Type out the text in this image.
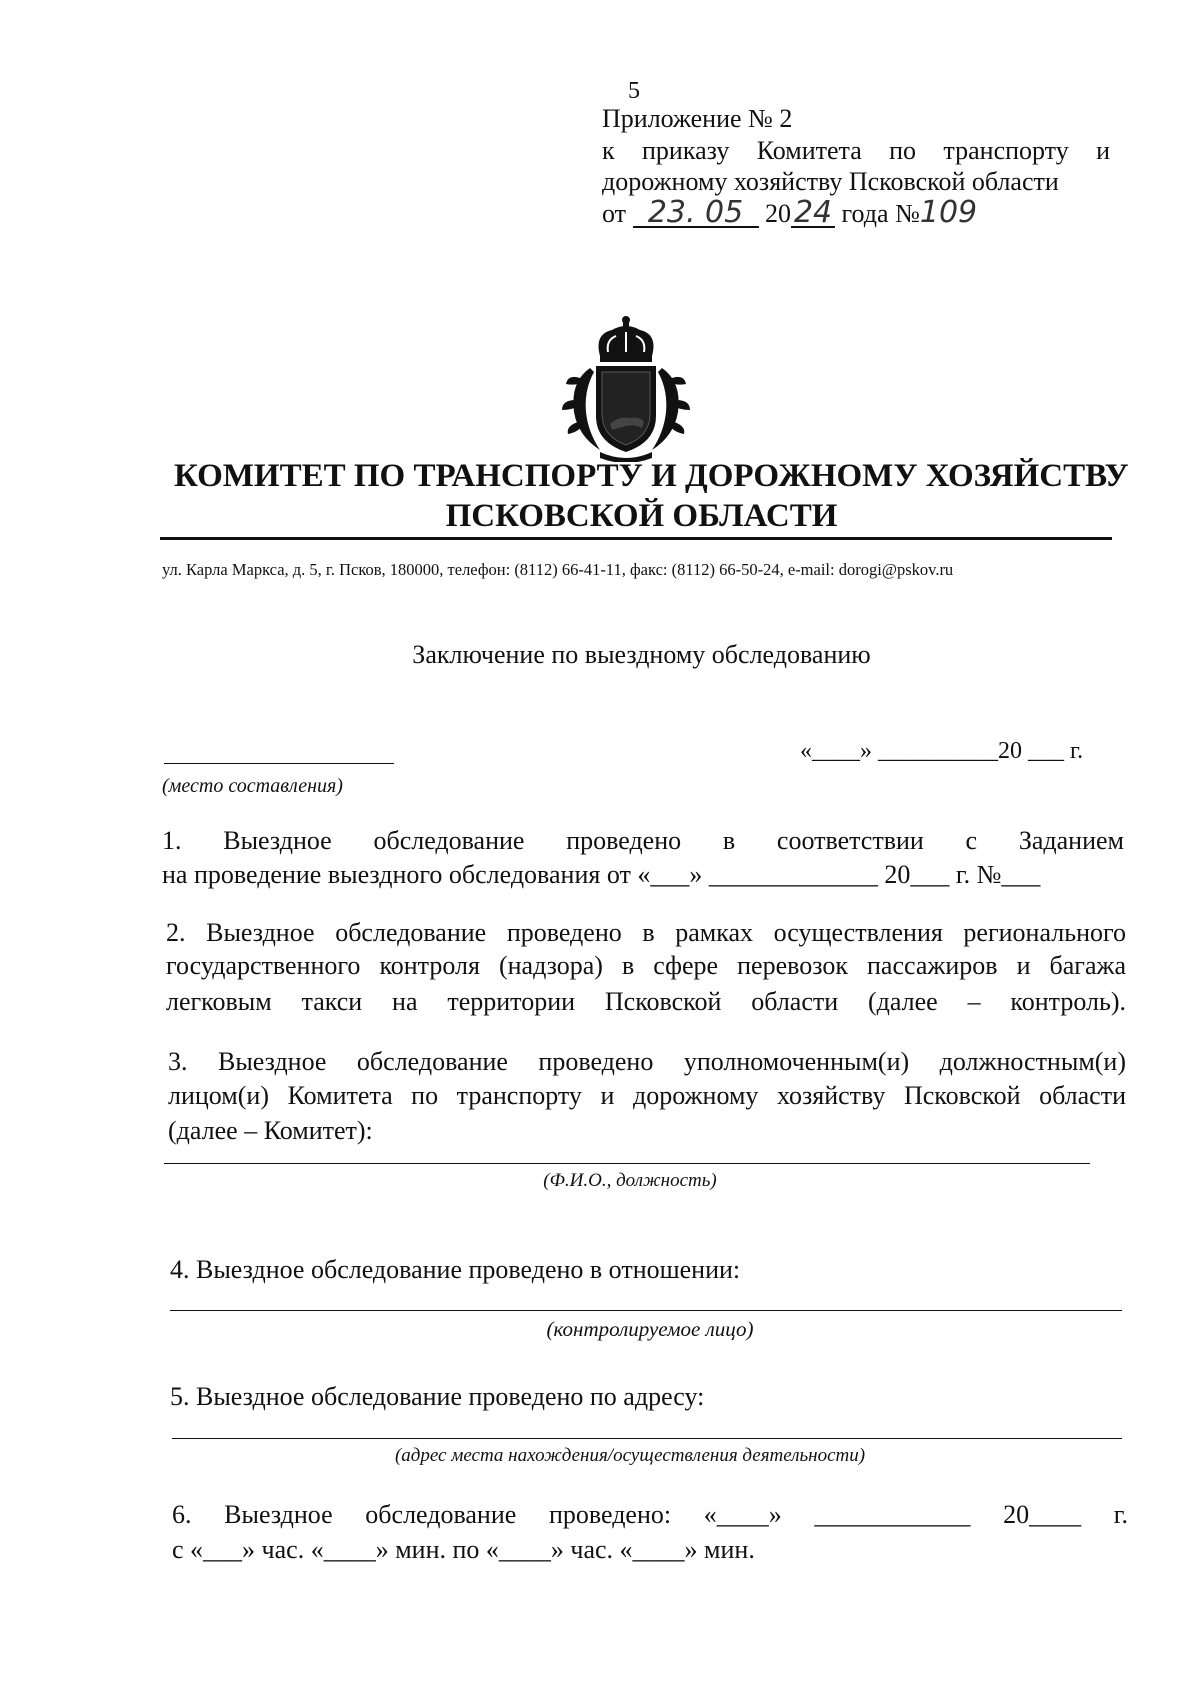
5
Приложение № 2
к приказу Комитета по транспорту и
дорожному хозяйству Псковской области
от 23. 05 2024 года №109
КОМИТЕТ ПО ТРАНСПОРТУ И ДОРОЖНОМУ ХОЗЯЙСТВУ
ПСКОВСКОЙ ОБЛАСТИ
ул. Карла Маркса, д. 5, г. Псков, 180000, телефон: (8112) 66-41-11, факс: (8112) 66-50-24, e-mail: dorogi@pskov.ru
Заключение по выездному обследованию
«____» __________20 ___ г.
(место составления)
1. Выездное обследование проведено в соответствии с Заданием
на проведение выездного обследования от «___» _____________ 20___ г. №___
2. Выездное обследование проведено в рамках осуществления регионального
государственного контроля (надзора) в сфере перевозок пассажиров и багажа
легковым такси на территории Псковской области (далее – контроль).
3. Выездное обследование проведено уполномоченным(и) должностным(и)
лицом(и) Комитета по транспорту и дорожному хозяйству Псковской области
(далее – Комитет):
(Ф.И.О., должность)
4. Выездное обследование проведено в отношении:
(контролируемое лицо)
5. Выездное обследование проведено по адресу:
(адрес места нахождения/осуществления деятельности)
6. Выездное обследование проведено: «____» ____________ 20____ г.
с «___» час. «____» мин. по «____» час. «____» мин.
